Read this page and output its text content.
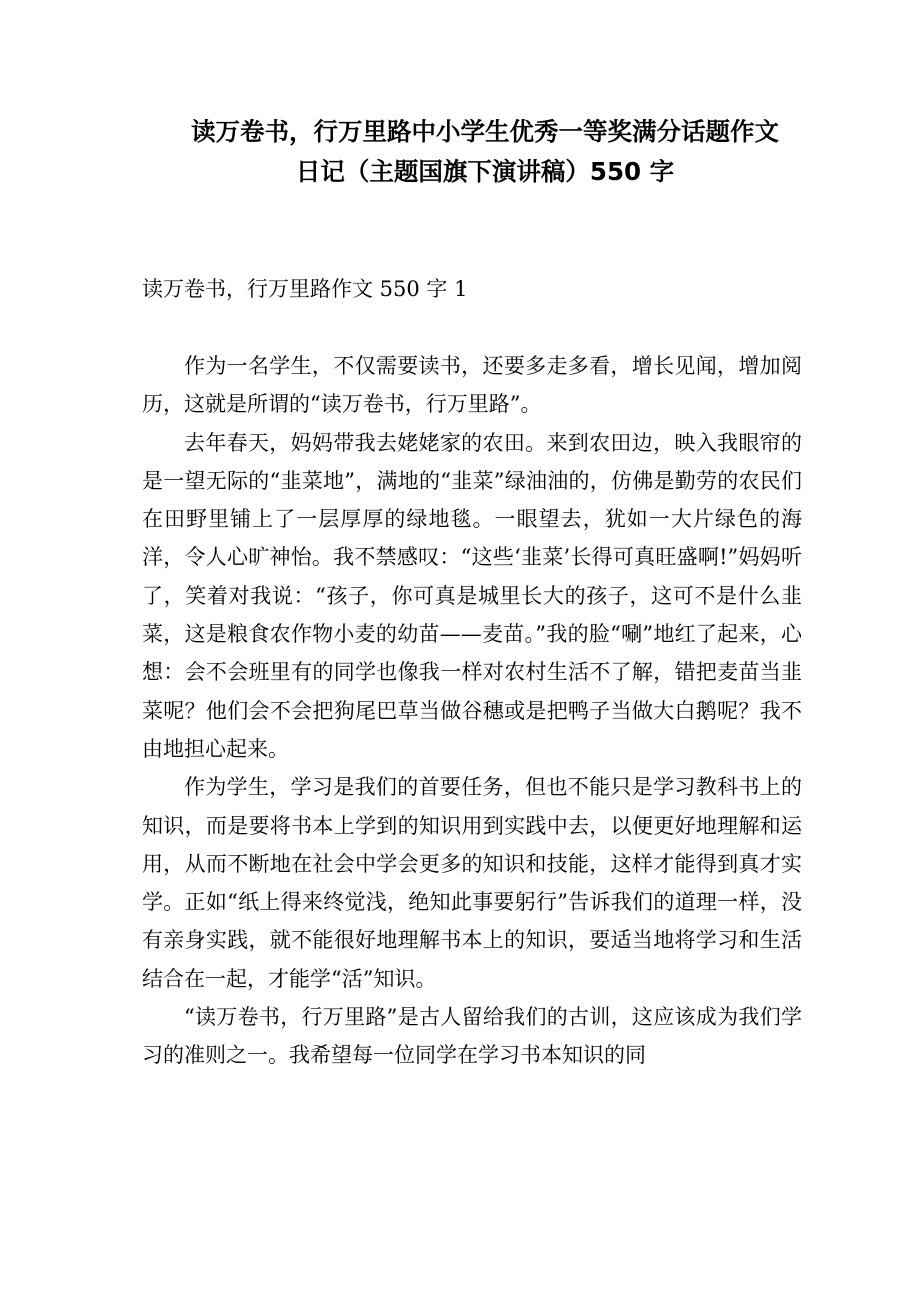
读万卷书，行万里路中小学生优秀一等奖满分话题作文
日记（主题国旗下演讲稿）550 字
读万卷书，行万里路作文 550 字 1

作为一名学生，不仅需要读书，还要多走多看，增长见闻，增加阅历，这就是所谓的“读万卷书，行万里路”。

去年春天，妈妈带我去姥姥家的农田。来到农田边，映入我眼帘的是一望无际的“韭菜地”，满地的“韭菜”绿油油的，仿佛是勤劳的农民们在田野里铺上了一层厚厚的绿地毯。一眼望去，犹如一大片绿色的海洋，令人心旷神怡。我不禁感叹：“这些‘韭菜’长得可真旺盛啊!”妈妈听了，笑着对我说：“孩子，你可真是城里长大的孩子，这可不是什么韭菜，这是粮食农作物小麦的幼苗——麦苗。”我的脸“唰”地红了起来，心想：会不会班里有的同学也像我一样对农村生活不了解，错把麦苗当韭菜呢？他们会不会把狗尾巴草当做谷穗或是把鸭子当做大白鹅呢？我不由地担心起来。

作为学生，学习是我们的首要任务，但也不能只是学习教科书上的知识，而是要将书本上学到的知识用到实践中去，以便更好地理解和运用，从而不断地在社会中学会更多的知识和技能，这样才能得到真才实学。正如“纸上得来终觉浅，绝知此事要躬行”告诉我们的道理一样，没有亲身实践，就不能很好地理解书本上的知识，要适当地将学习和生活结合在一起，才能学“活”知识。

“读万卷书，行万里路”是古人留给我们的古训，这应该成为我们学习的准则之一。我希望每一位同学在学习书本知识的同
